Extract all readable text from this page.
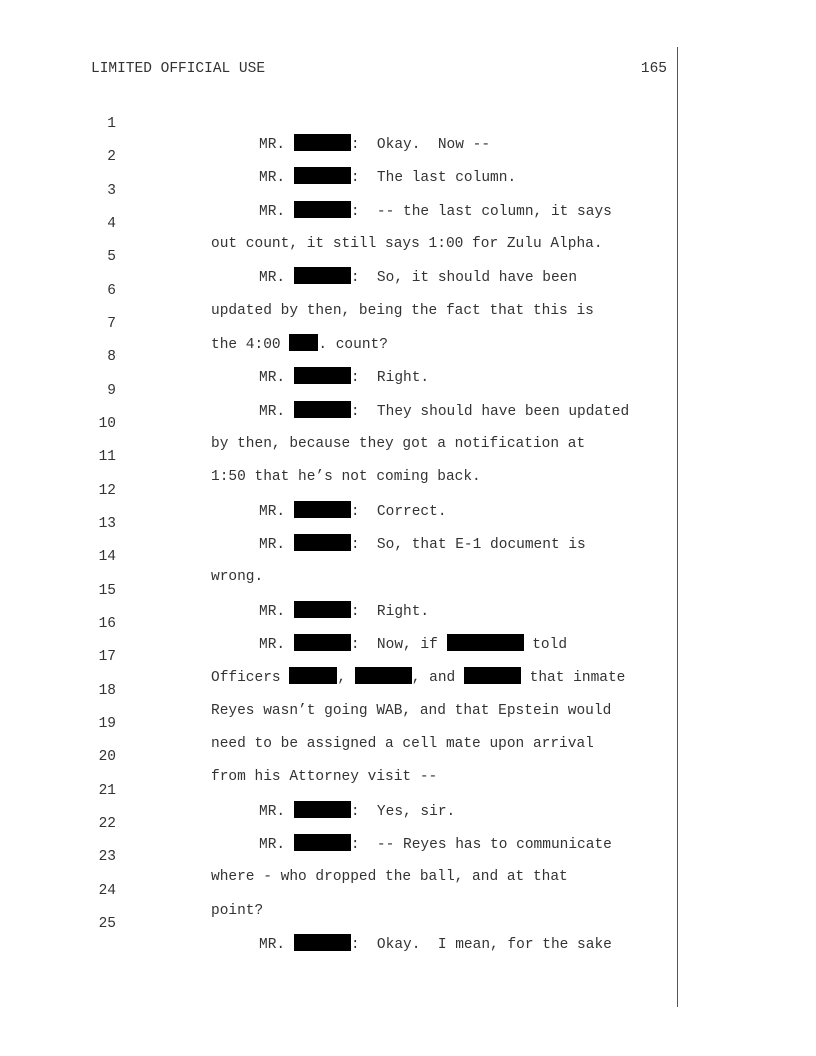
LIMITED OFFICIAL USE	165

1

MR.	:  Okay.  Now --

2

MR.	:  The last column.

3

MR.	:  -- the last column, it says

4

out count, it still says 1:00 for Zulu Alpha.

5

MR.	:  So, it should have been

6

updated by then, being the fact that this is

7

the 4:00 . count?

8

MR.	:  Right.

9

MR.	:  They should have been updated

10

by then, because they got a notification at

11

1:50 that he’s not coming back.

12

MR.	:  Correct.

13

MR.	:  So, that E-1 document is

14

wrong.

15

MR.	:  Right.

16

MR.	:  Now, if	told

17

Officers	,	, and	that inmate

18

Reyes wasn’t going WAB, and that Epstein would

19

need to be assigned a cell mate upon arrival

20

from his Attorney visit --

21

MR.	:  Yes, sir.

22

MR.	:  -- Reyes has to communicate

23

where - who dropped the ball, and at that

24

point?

25

MR.	:  Okay.  I mean, for the sake
